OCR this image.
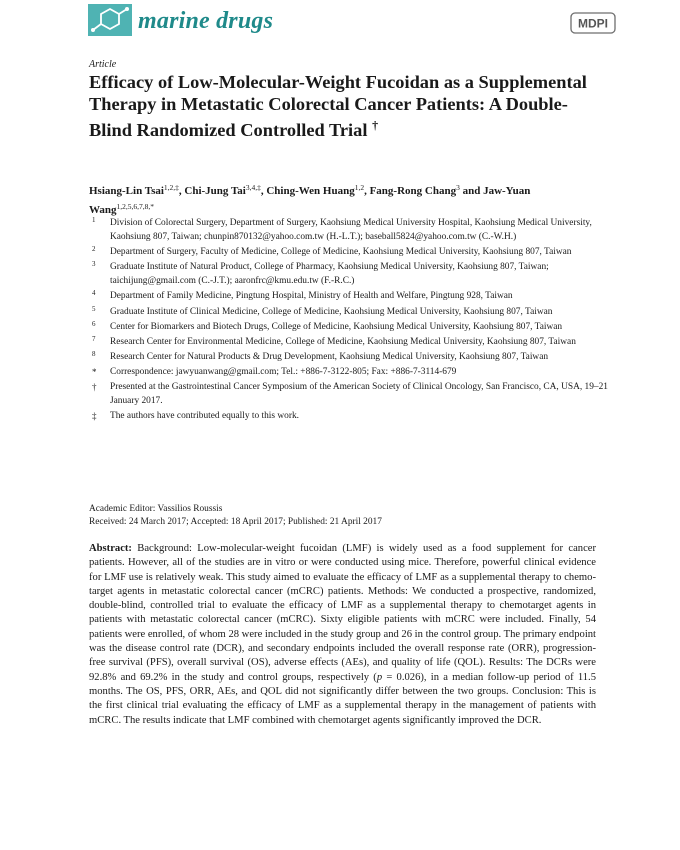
marine drugs	MDPI
Article
Efficacy of Low-Molecular-Weight Fucoidan as a Supplemental Therapy in Metastatic Colorectal Cancer Patients: A Double-Blind Randomized Controlled Trial †
Hsiang-Lin Tsai$^{1,2,\ddagger}$, Chi-Jung Tai$^{3,4,\ddagger}$, Ching-Wen Huang$^{1,2}$, Fang-Rong Chang$^3$ and Jaw-Yuan Wang$^{1,2,5,6,7,8,*}$
1 Division of Colorectal Surgery, Department of Surgery, Kaohsiung Medical University Hospital, Kaohsiung Medical University, Kaohsiung 807, Taiwan; chunpin870132@yahoo.com.tw (H.-L.T.); baseball5824@yahoo.com.tw (C.-W.H.)
2 Department of Surgery, Faculty of Medicine, College of Medicine, Kaohsiung Medical University, Kaohsiung 807, Taiwan
3 Graduate Institute of Natural Product, College of Pharmacy, Kaohsiung Medical University, Kaohsiung 807, Taiwan; taichijung@gmail.com (C.-J.T.); aaronfrc@kmu.edu.tw (F.-R.C.)
4 Department of Family Medicine, Pingtung Hospital, Ministry of Health and Welfare, Pingtung 928, Taiwan
5 Graduate Institute of Clinical Medicine, College of Medicine, Kaohsiung Medical University, Kaohsiung 807, Taiwan
6 Center for Biomarkers and Biotech Drugs, College of Medicine, Kaohsiung Medical University, Kaohsiung 807, Taiwan
7 Research Center for Environmental Medicine, College of Medicine, Kaohsiung Medical University, Kaohsiung 807, Taiwan
8 Research Center for Natural Products & Drug Development, Kaohsiung Medical University, Kaohsiung 807, Taiwan
* Correspondence: jawyuanwang@gmail.com; Tel.: +886-7-3122-805; Fax: +886-7-3114-679
† Presented at the Gastrointestinal Cancer Symposium of the American Society of Clinical Oncology, San Francisco, CA, USA, 19–21 January 2017.
‡ The authors have contributed equally to this work.
Academic Editor: Vassilios Roussis
Received: 24 March 2017; Accepted: 18 April 2017; Published: 21 April 2017

Abstract: Background: Low-molecular-weight fucoidan (LMF) is widely used as a food supplement for cancer patients. However, all of the studies are in vitro or were conducted using mice. Therefore, powerful clinical evidence for LMF use is relatively weak. This study aimed to evaluate the efficacy of LMF as a supplemental therapy to chemo-target agents in metastatic colorectal cancer (mCRC) patients. Methods: We conducted a prospective, randomized, double-blind, controlled trial to evaluate the efficacy of LMF as a supplemental therapy to chemotarget agents in patients with metastatic colorectal cancer (mCRC). Sixty eligible patients with mCRC were included. Finally, 54 patients were enrolled, of whom 28 were included in the study group and 26 in the control group. The primary endpoint was the disease control rate (DCR), and secondary endpoints included the overall response rate (ORR), progression-free survival (PFS), overall survival (OS), adverse effects (AEs), and quality of life (QOL). Results: The DCRs were 92.8% and 69.2% in the study and control groups, respectively (p = 0.026), in a median follow-up period of 11.5 months. The OS, PFS, ORR, AEs, and QOL did not significantly differ between the two groups. Conclusion: This is the first clinical trial evaluating the efficacy of LMF as a supplemental therapy in the management of patients with mCRC. The results indicate that LMF combined with chemotarget agents significantly improved the DCR.
